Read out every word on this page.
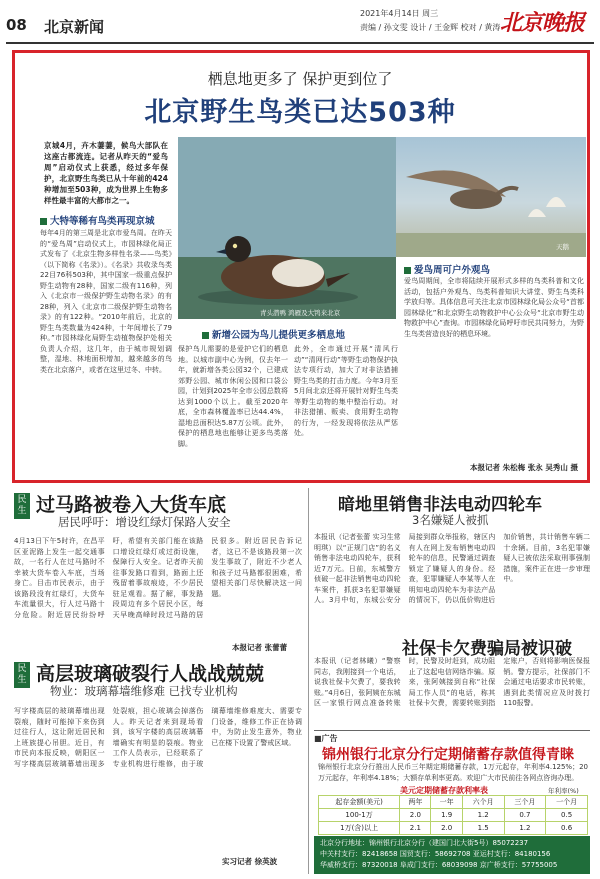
08 北京新闻
2021年4月14日 周三
责编 / 孙文雯 设计 / 王金辉 校对 / 黄涛 北京晚报
栖息地更多了 保护更到位了
北京野生鸟类已达503种
京城4月，卉木萋萋，候鸟大部队在这座古都流连。记者从昨天的“爱鸟周”启动仪式上获悉，经过多年保护，北京野生鸟类已从十年前的424种增加至503种，成为世界上生物多样性最丰富的大都市之一。
大特等稀有鸟类再现京城
每年4月的第三周是北京市爱鸟周。在昨天的“爱鸟周”启动仪式上，市园林绿化局正式发布了《北京生物多样性名录——鸟类》（以下简称《名录》）。《名录》共收录鸟类22目76科503种，其中国家一级重点保护野生动物有28种，国家二级有116种，列入《北京市一级保护野生动物名录》的有28种，列入《北京市二级保护野生动物名录》的有122种。“2010年前后，北京的野生鸟类数量为424种，十年间增长了79种。”市园林绿化局野生动植物保护处相关负责人介绍，这几年，由于城市规划调整，湿地、林地面积增加，越来越多的鸟类在北京落户，或者在这里过冬、中转。
青头潜鸭 鸿雁及大鸨来北京
天鹅
爱鸟周可户外观鸟
爱鸟周期间，全市将陆续开展形式多样的鸟类科普和文化活动，包括户外观鸟、鸟类科普知识大讲堂、野生鸟类科学放归等。具体信息可关注北京市园林绿化局公众号“首都园林绿化”和北京野生动物救护中心公众号“北京市野生动物救护中心”查询。市园林绿化局呼吁市民共同努力，为野生鸟类营造良好的栖息环境。
新增公园为鸟儿提供更多栖息地
保护鸟儿需要的是爱护它们的栖息地。以城市副中心为例，仅去年一年，就新增各类公园32个，已建成郊野公园、城市休闲公园和口袋公园，计划到2025年全市公园总数将达到1000个以上。截至2020年底，全市森林覆盖率已达44.4%，湿地总面积达5.87万公顷。此外，保护的栖息地也能够让更多鸟类落脚。
此外，全市通过开展“清风行动”“清网行动”等野生动物保护执法专项行动，加大了对非法猎捕野生鸟类的打击力度。今年3月至5月间北京还将开展针对野生鸟类等野生动物的集中整治行动。对非法猎捕、贩卖、食用野生动物的行为，一经发现将依法从严惩处。
本报记者 朱松梅 张永 吴秀山 摄
民生 过马路被卷入大货车底
居民呼吁：增设红绿灯保路人安全
4月13日下午5时许，在昌平区亚泥路上发生一起交通事故，一名行人在过马路时不幸被大货车卷入车底，当场身亡。目击市民表示，由于该路段没有红绿灯，大货车车流量很大，行人过马路十分危险。附近居民纷纷呼吁，希望有关部门能在该路口增设红绿灯或过街设施，保障行人安全。记者昨天前往事发路口看到，路面上还残留着事故痕迹，不少居民驻足观看。据了解，事发路段周边有多个居民小区，每天早晚高峰时段过马路的居民很多。附近居民告诉记者，这已不是该路段第一次发生事故了，附近不少老人和孩子过马路都很困难，希望相关部门尽快解决这一问题。
本报记者 张蕾蕾
民生 高层玻璃破裂行人战战兢兢
物业：玻璃幕墙维修难 已找专业机构
写字楼高层的玻璃幕墙出现裂痕，随时可能掉下来伤到过往行人，这让附近居民和上班族提心吊胆。近日，有市民向本报反映，朝阳区一写字楼高层玻璃幕墙出现多处裂痕，担心玻璃会掉落伤人。昨天记者来到现场看到，该写字楼的高层玻璃幕墙确实有明显的裂痕。物业工作人员表示，已经联系了专业机构进行维修，由于玻璃幕墙维修难度大、需要专门设备，维修工作正在协调中，为防止发生意外，物业已在楼下设置了警戒区域。
实习记者 徐英波
暗地里销售非法电动四轮车
3名嫌疑人被抓
本报讯（记者张蕾 实习生常明琪）以“正规门店”的名义销售非法电动四轮车，获利近7万元。日前，东城警方侦破一起非法销售电动四轮车案件，抓获3名犯罪嫌疑人。3月中旬，东城公安分局接到群众举报称，辖区内有人在网上发布销售电动四轮车的信息，民警通过调查锁定了嫌疑人的身份。经查，犯罪嫌疑人李某等人在明知电动四轮车为非法产品的情况下，仍以低价购进后加价销售，共计销售车辆二十余辆。目前，3名犯罪嫌疑人已被依法采取刑事强制措施，案件正在进一步审理中。
社保卡欠费骗局被识破
本报讯（记者林曦）“警察同志，我刚接到一个电话，说我社保卡欠费了，要我转账。”4月6日，张阿姨在东城区一家银行网点准备转账时，民警及时赶到，成功阻止了这起电信网络诈骗。原来，张阿姨接到自称“社保局工作人员”的电话，称其社保卡欠费，需要转账到指定账户，否则将影响医保报销。警方提示，社保部门不会通过电话要求市民转账，遇到此类情况应及时拨打110报警。
■广告
锦州银行北京分行定期储蓄存款值得青睐
锦州银行北京分行推出人民币三年期定期储蓄存款，1万元起存，年利率4.125%；20万元起存，年利率4.18%；大额存单利率更高。欢迎广大市民前往各网点咨询办理。
美元定期储蓄存款利率表	年利率(%)
起存金额(美元)	两年	一年	六个月	三个月	一个月
100-1万	2.0	1.9	1.2	0.7	0.5
1万(含)以上	2.1	2.0	1.5	1.2	0.6
北京分行地址：锦州银行北京分行（建国门北大街5号）85072237
中关村支行：82418658 国贸支行：58692708 亚运村支行：84180156
华威桥支行：87320018 阜成门支行：68039098 京广桥支行：57755005
